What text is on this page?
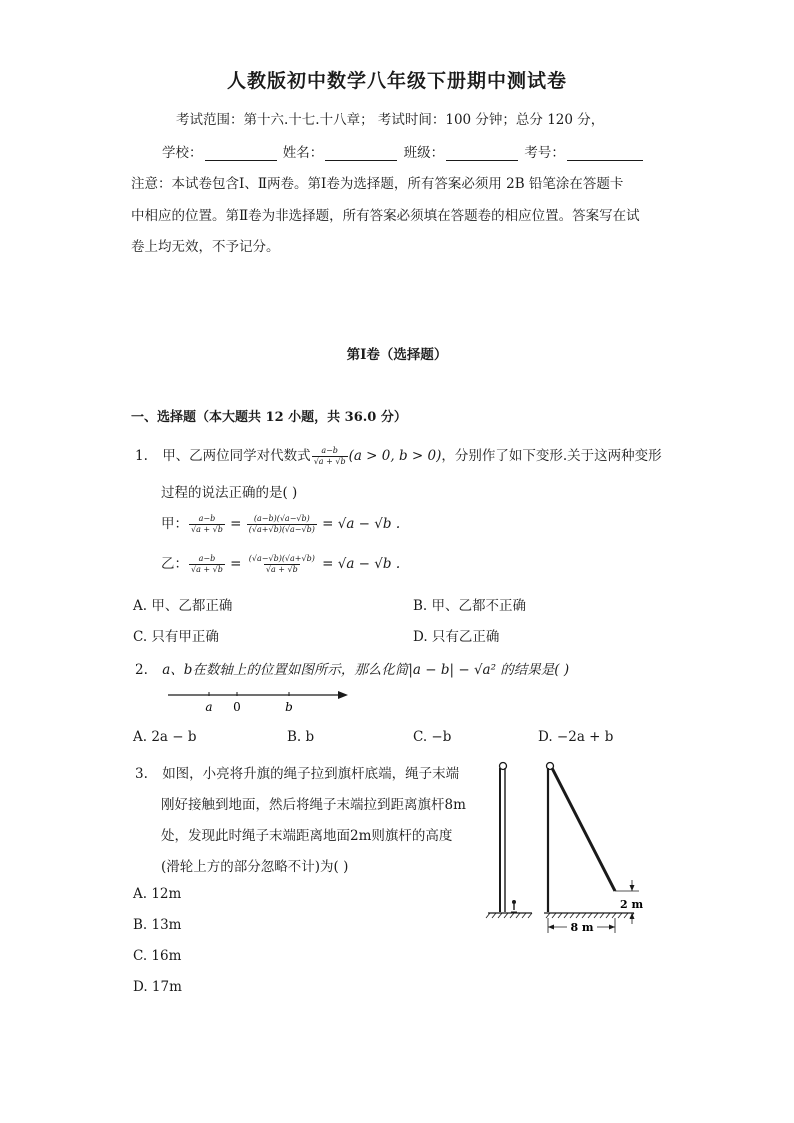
人教版初中数学八年级下册期中测试卷
考试范围：第十六.十七.十八章； 考试时间：100 分钟；总分 120 分，
学校：	姓名：	班级：	考号：
注意：本试卷包含Ⅰ、Ⅱ两卷。第Ⅰ卷为选择题，所有答案必须用 2B 铅笔涂在答题卡
中相应的位置。第Ⅱ卷为非选择题，所有答案必须填在答题卷的相应位置。答案写在试
卷上均无效，不予记分。
第Ⅰ卷（选择题）
一、选择题（本大题共 12 小题，共 36.0 分）
1. 甲、乙两位同学对代数式 $\frac{a-b}{√a + √b} (a > 0$, b > 0)，分别作了如下变形.关于这两种变形
过程的说法正确的是( )
甲： $\frac{a-b}{√a + √b} = \frac{(a-b)(√a-√b)}{(√a+√b)(√a-√b)} = √a - √b$ .
乙： $\frac{a-b}{√a + √b} = \frac{(√a-√b)(√a+√b)}{√a + √b} = √a - √b$ .
A. 甲、乙都正确	B. 甲、乙都不正确
C. 只有甲正确	D. 只有乙正确
2. a、b在数轴上的位置如图所示，那么化简|a − b| − √a² 的结果是( )
a 0	b
A. 2a − b	B. b	C. −b	D. −2a + b
3. 如图，小亮将升旗的绳子拉到旗杆底端，绳子末端
刚好接触到地面，然后将绳子末端拉到距离旗杆8m
处，发现此时绳子末端距离地面2m则旗杆的高度
(滑轮上方的部分忽略不计)为( )
A. 12m
B. 13m
C. 16m
D. 17m
2 m
8 m
